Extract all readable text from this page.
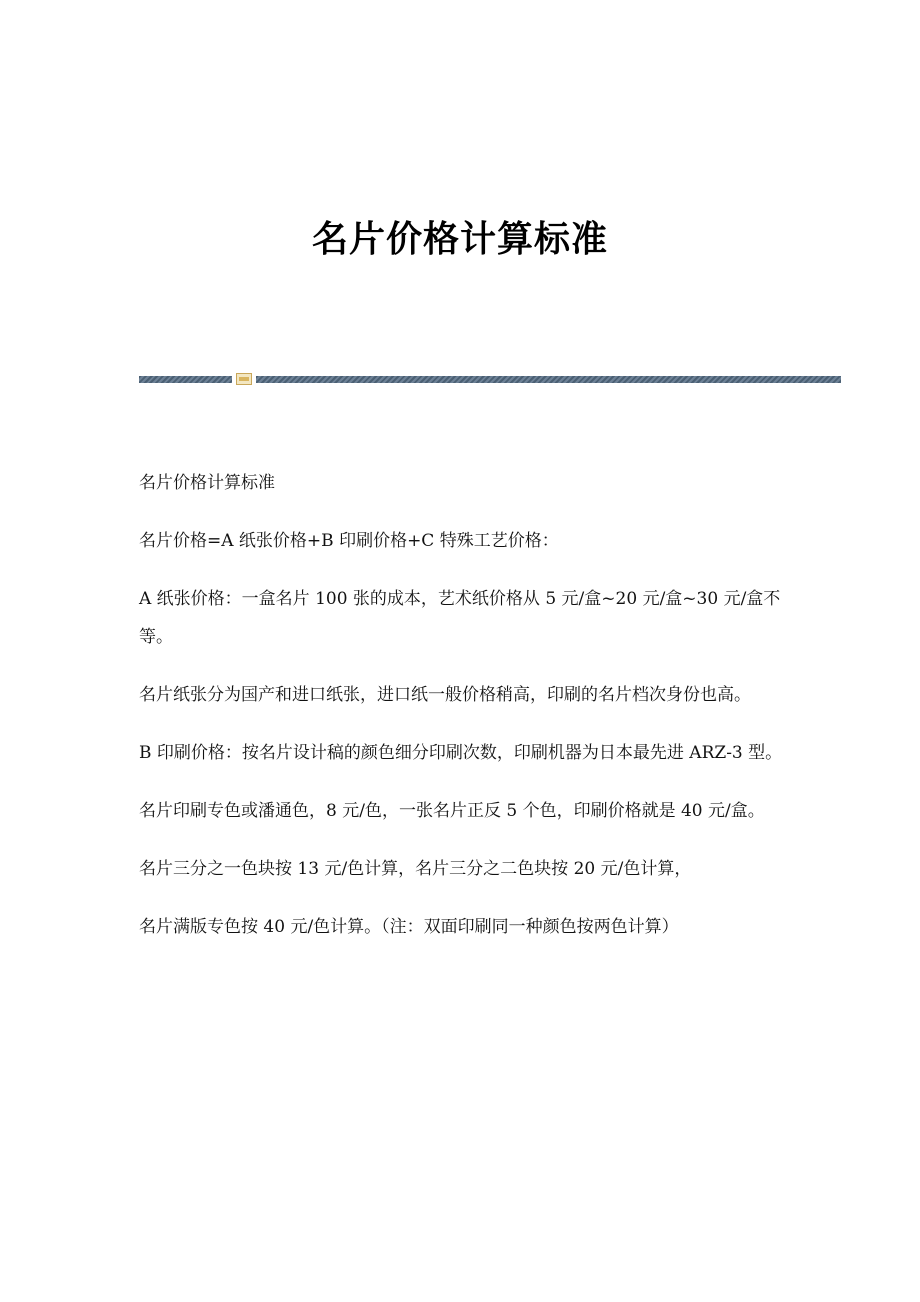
名片价格计算标准

名片价格计算标准

名片价格=A 纸张价格+B 印刷价格+C 特殊工艺价格：

A 纸张价格：一盒名片 100 张的成本，艺术纸价格从 5 元/盒~20 元/盒~30 元/盒不等。

名片纸张分为国产和进口纸张，进口纸一般价格稍高，印刷的名片档次身份也高。

B 印刷价格：按名片设计稿的颜色细分印刷次数，印刷机器为日本最先进 ARZ-3 型。

名片印刷专色或潘通色，8 元/色，一张名片正反 5 个色，印刷价格就是 40 元/盒。

名片三分之一色块按 13 元/色计算，名片三分之二色块按 20 元/色计算，

名片满版专色按 40 元/色计算。（注：双面印刷同一种颜色按两色计算）
